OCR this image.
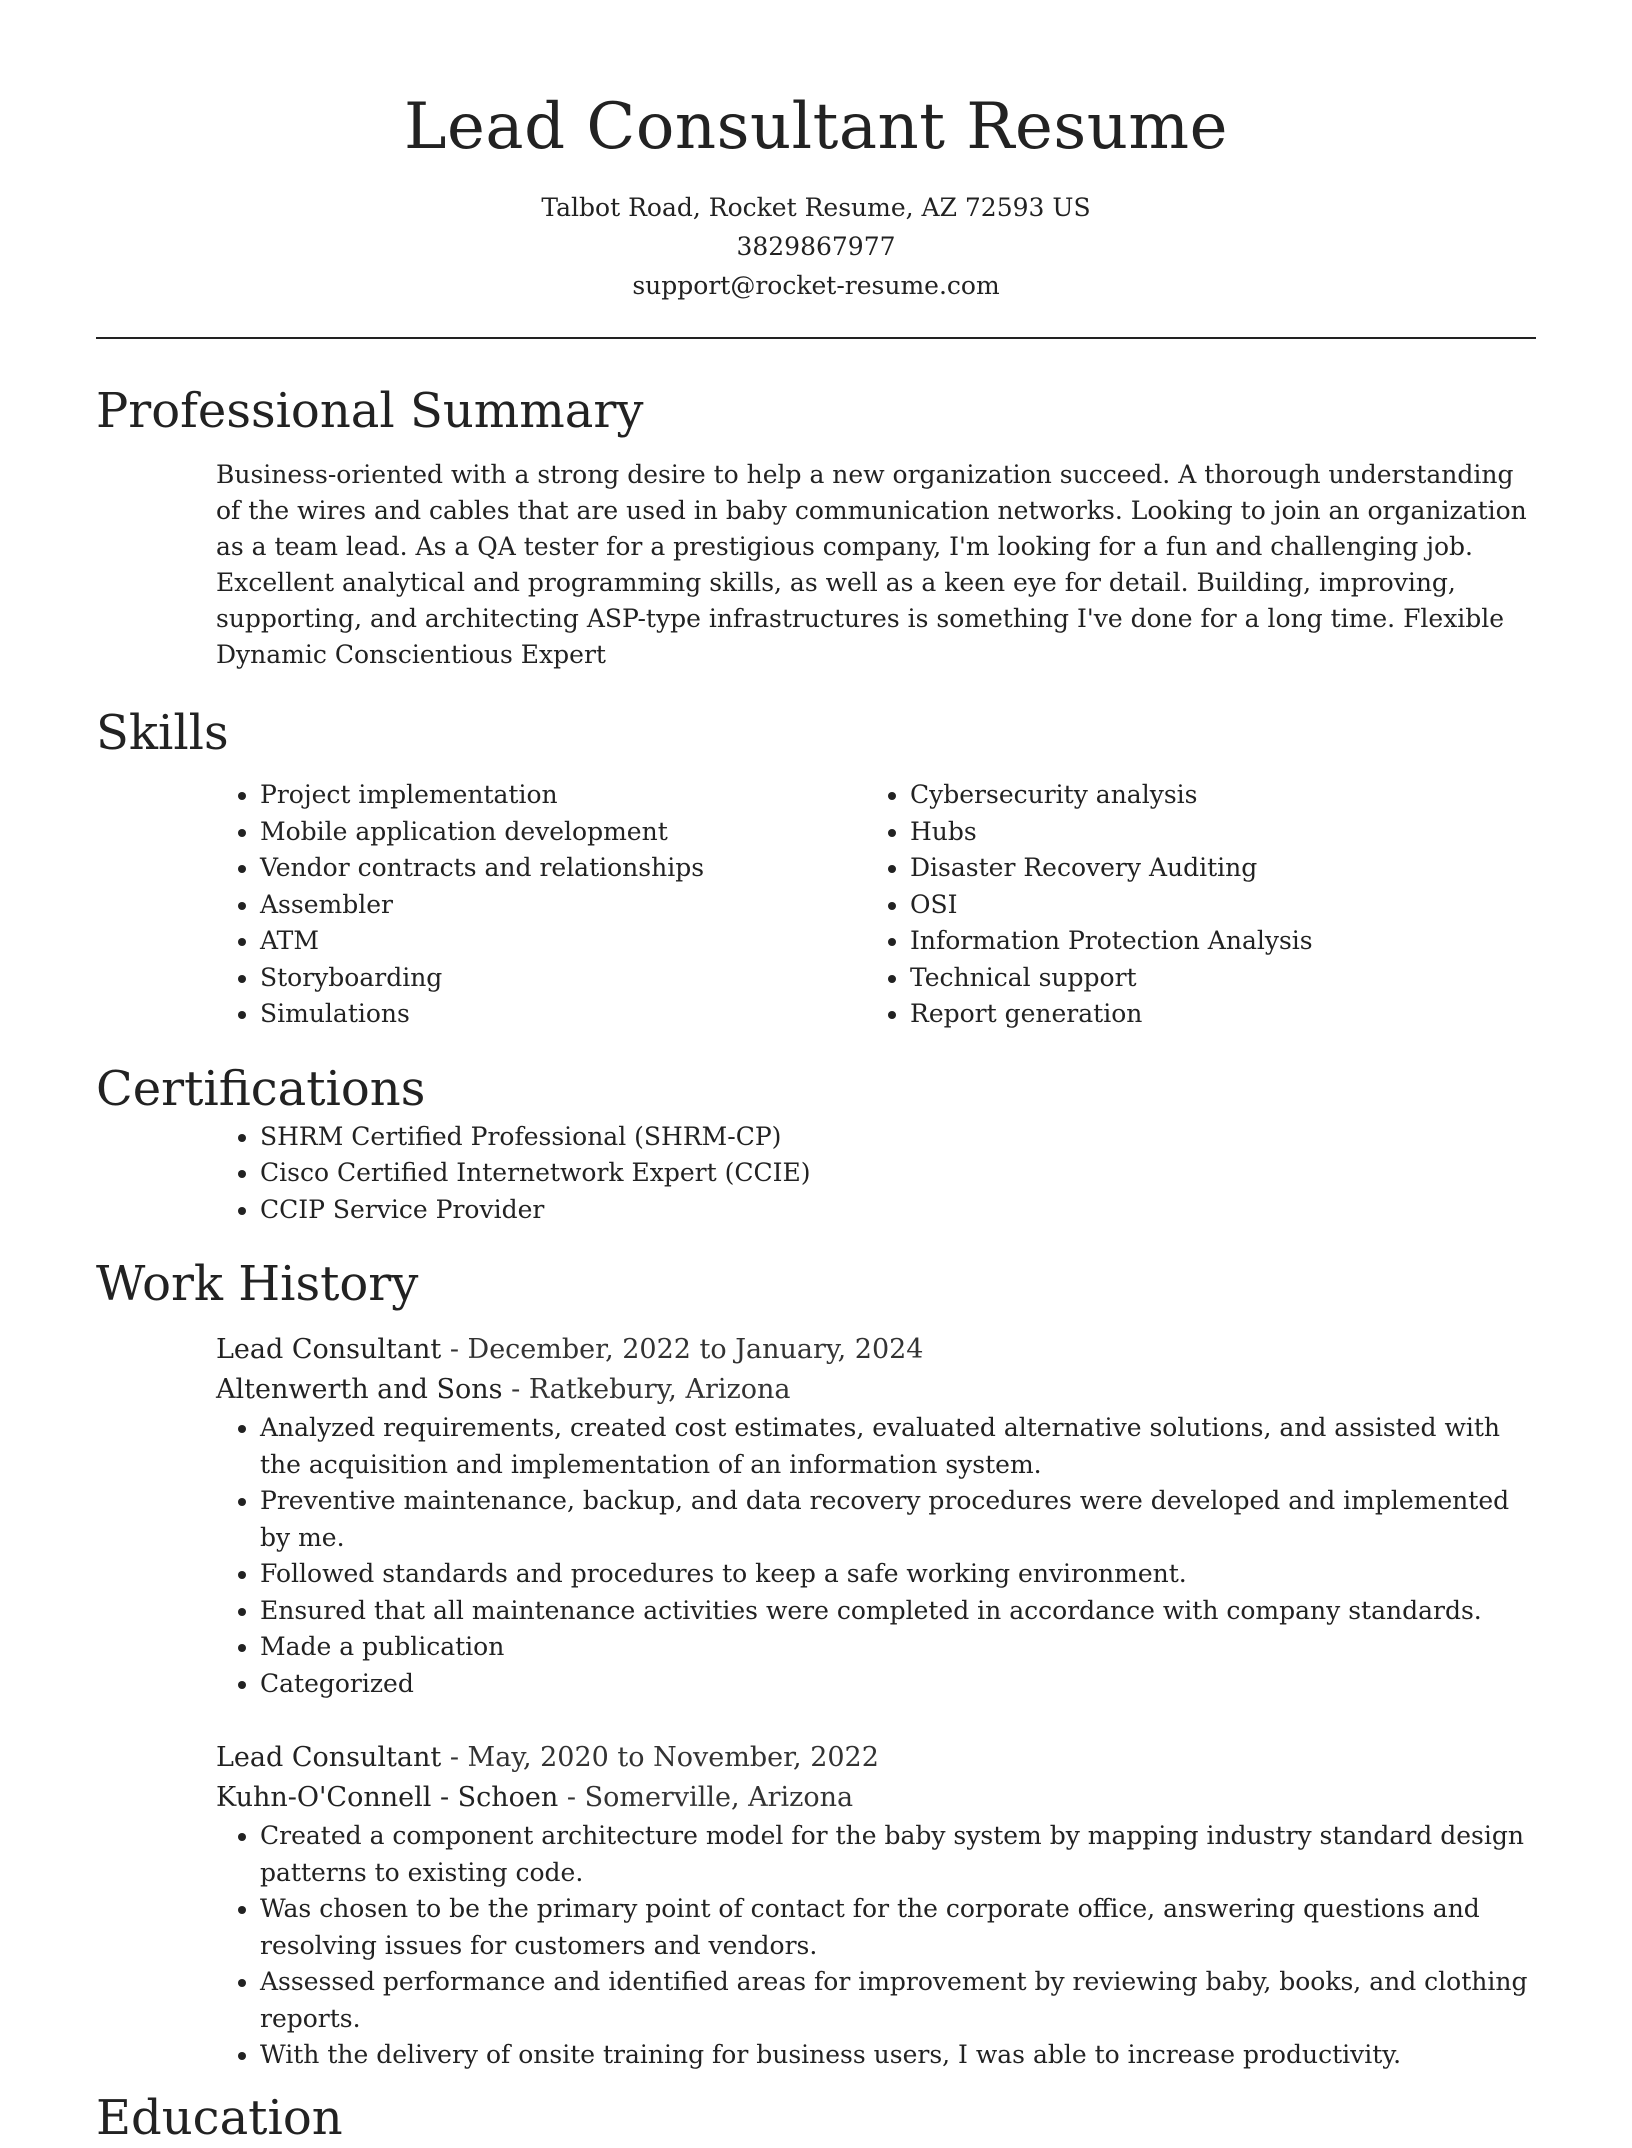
Lead Consultant Resume
Talbot Road, Rocket Resume, AZ 72593 US
3829867977
support@rocket-resume.com
Professional Summary

Business-oriented with a strong desire to help a new organization succeed. A thorough understanding of the wires and cables that are used in baby communication networks. Looking to join an organization as a team lead. As a QA tester for a prestigious company, I'm looking for a fun and challenging job. Excellent analytical and programming skills, as well as a keen eye for detail. Building, improving, supporting, and architecting ASP-type infrastructures is something I've done for a long time. Flexible Dynamic Conscientious Expert

Skills
• Project implementation
• Mobile application development
• Vendor contracts and relationships
• Assembler
• ATM
• Storyboarding
• Simulations
• Cybersecurity analysis
• Hubs
• Disaster Recovery Auditing
• OSI
• Information Protection Analysis
• Technical support
• Report generation
Certifications
• SHRM Certified Professional (SHRM-CP)
• Cisco Certified Internetwork Expert (CCIE)
• CCIP Service Provider
Work History
Lead Consultant - December, 2022 to January, 2024
Altenwerth and Sons - Ratkebury, Arizona
• Analyzed requirements, created cost estimates, evaluated alternative solutions, and assisted with the acquisition and implementation of an information system.
• Preventive maintenance, backup, and data recovery procedures were developed and implemented by me.
• Followed standards and procedures to keep a safe working environment.
• Ensured that all maintenance activities were completed in accordance with company standards.
• Made a publication
• Categorized
Lead Consultant - May, 2020 to November, 2022
Kuhn-O'Connell - Schoen - Somerville, Arizona
• Created a component architecture model for the baby system by mapping industry standard design patterns to existing code.
• Was chosen to be the primary point of contact for the corporate office, answering questions and resolving issues for customers and vendors.
• Assessed performance and identified areas for improvement by reviewing baby, books, and clothing reports.
• With the delivery of onsite training for business users, I was able to increase productivity.
Education
